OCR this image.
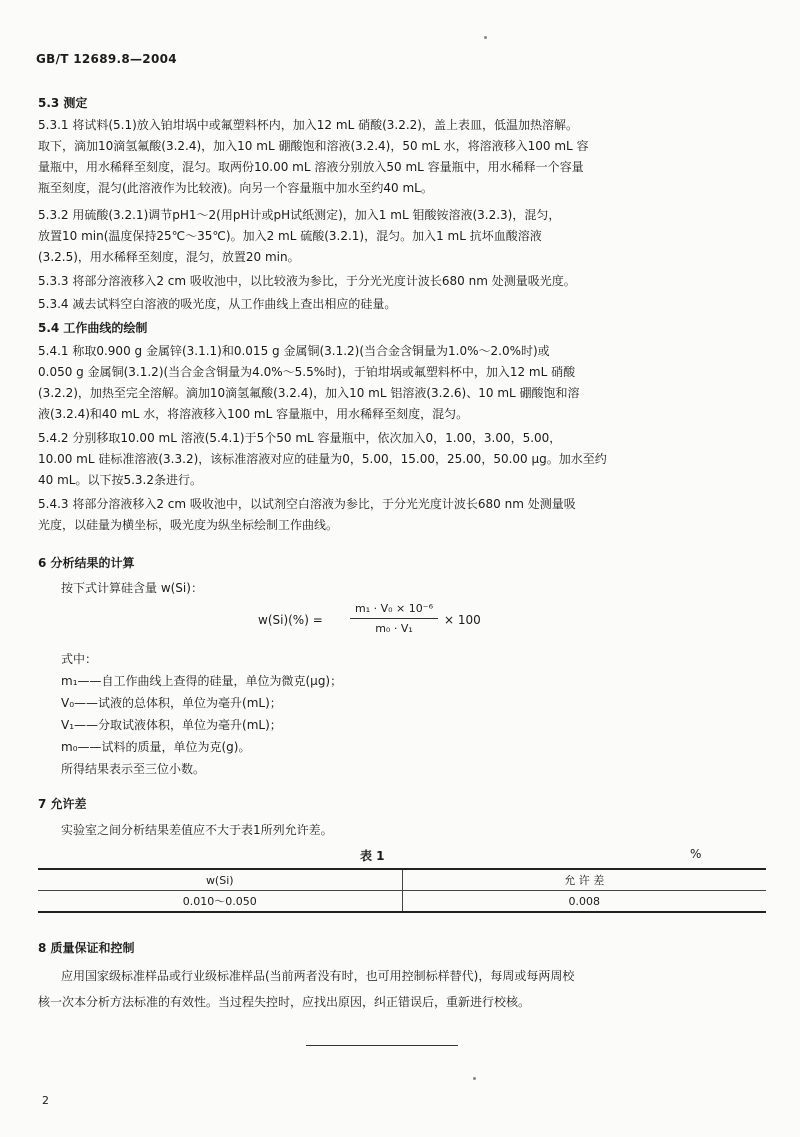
GB/T 12689.8—2004
5.3 测定
5.3.1 将试料(5.1)放入铂坩埚中或氟塑料杯内，加入12 mL 硝酸(3.2.2)，盖上表皿，低温加热溶解。
取下，滴加10滴氢氟酸(3.2.4)，加入10 mL 硼酸饱和溶液(3.2.4)，50 mL 水，将溶液移入100 mL 容
量瓶中，用水稀释至刻度，混匀。取两份10.00 mL 溶液分别放入50 mL 容量瓶中，用水稀释一个容量
瓶至刻度，混匀(此溶液作为比较液)。向另一个容量瓶中加水至约40 mL。
5.3.2 用硫酸(3.2.1)调节pH1～2(用pH计或pH试纸测定)，加入1 mL 钼酸铵溶液(3.2.3)，混匀，
放置10 min(温度保持25℃～35℃)。加入2 mL 硫酸(3.2.1)，混匀。加入1 mL 抗坏血酸溶液
(3.2.5)，用水稀释至刻度，混匀，放置20 min。
5.3.3 将部分溶液移入2 cm 吸收池中，以比较液为参比，于分光光度计波长680 nm 处测量吸光度。
5.3.4 减去试料空白溶液的吸光度，从工作曲线上查出相应的硅量。
5.4 工作曲线的绘制
5.4.1 称取0.900 g 金属锌(3.1.1)和0.015 g 金属铜(3.1.2)(当合金含铜量为1.0%～2.0%时)或
0.050 g 金属铜(3.1.2)(当合金含铜量为4.0%～5.5%时)，于铂坩埚或氟塑料杯中，加入12 mL 硝酸
(3.2.2)，加热至完全溶解。滴加10滴氢氟酸(3.2.4)，加入10 mL 铝溶液(3.2.6)、10 mL 硼酸饱和溶
液(3.2.4)和40 mL 水，将溶液移入100 mL 容量瓶中，用水稀释至刻度，混匀。
5.4.2 分别移取10.00 mL 溶液(5.4.1)于5个50 mL 容量瓶中，依次加入0，1.00，3.00，5.00，
10.00 mL 硅标准溶液(3.3.2)，该标准溶液对应的硅量为0，5.00，15.00，25.00，50.00 μg。加水至约
40 mL。以下按5.3.2条进行。
5.4.3 将部分溶液移入2 cm 吸收池中，以试剂空白溶液为参比，于分光光度计波长680 nm 处测量吸
光度，以硅量为横坐标，吸光度为纵坐标绘制工作曲线。
6 分析结果的计算
按下式计算硅含量 w(Si)：
w(Si)(%) =
m₁ · V₀ × 10⁻⁶
m₀ · V₁
× 100
式中：
m₁——自工作曲线上查得的硅量，单位为微克(μg)；
V₀——试液的总体积，单位为毫升(mL)；
V₁——分取试液体积，单位为毫升(mL)；
m₀——试料的质量，单位为克(g)。
所得结果表示至三位小数。
7 允许差
实验室之间分析结果差值应不大于表1所列允许差。
表 1	%
w(Si)	允 许 差
0.010～0.050	0.008
8 质量保证和控制
应用国家级标准样品或行业级标准样品(当前两者没有时，也可用控制标样替代)，每周或每两周校
核一次本分析方法标准的有效性。当过程失控时，应找出原因，纠正错误后，重新进行校核。
2
